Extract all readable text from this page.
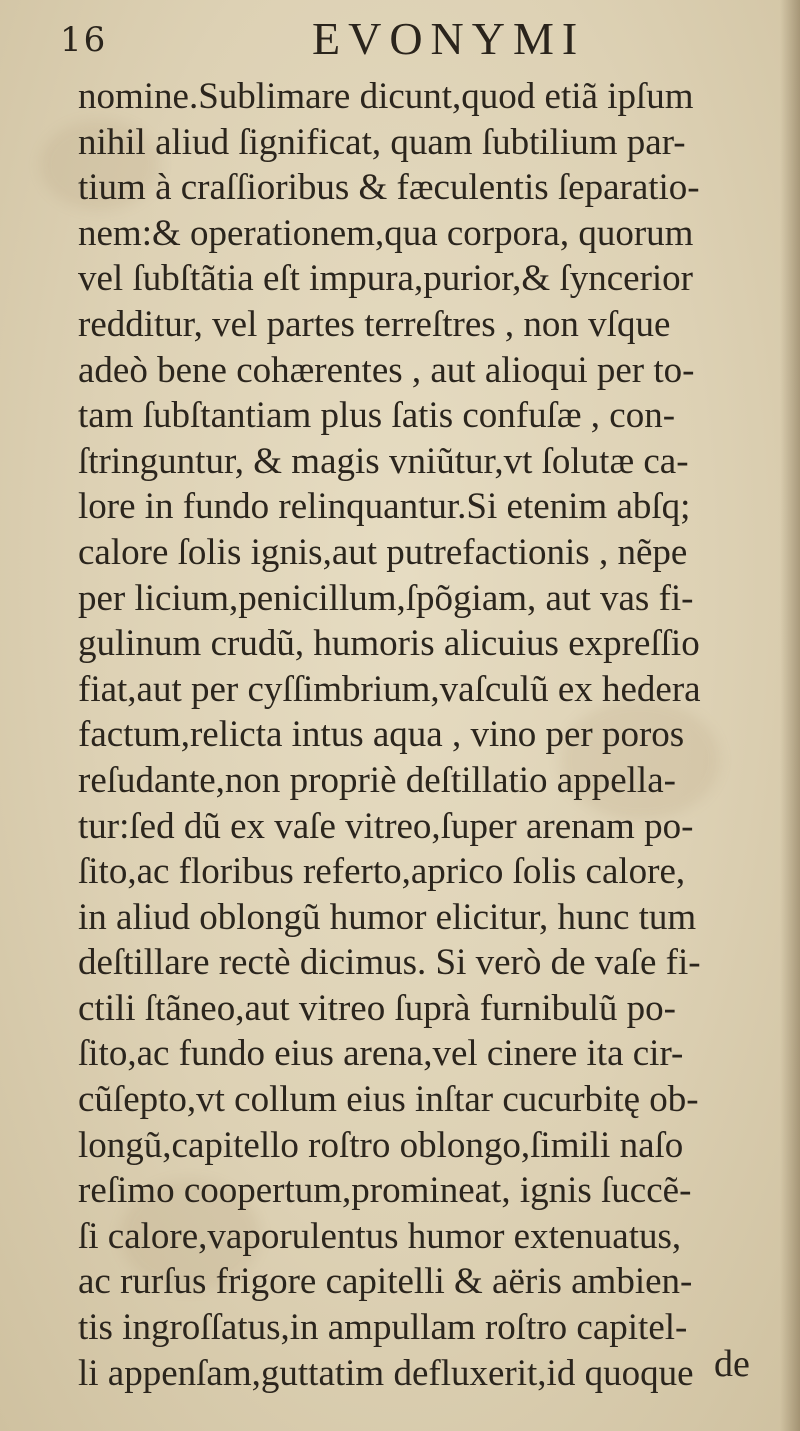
16	EVONYMI
nomine.Sublimare dicunt,quod etiã ipſum
nihil aliud ſignificat, quam ſubtilium par-
tium à craſſioribus & fæculentis ſeparatio-
nem:& operationem,qua corpora, quorum
vel ſubſtãtia eſt impura,purior,& ſyncerior
redditur, vel partes terreſtres , non vſque
adeò bene cohærentes , aut alioqui per to-
tam ſubſtantiam plus ſatis confuſæ , con-
ſtringuntur, & magis vniũtur,vt ſolutæ ca-
lore in fundo relinquantur.Si etenim abſq;
calore ſolis ignis,aut putrefactionis , nẽpe
per licium,penicillum,ſpõgiam, aut vas fi-
gulinum crudũ, humoris alicuius expreſſio
fiat,aut per cyſſimbrium,vaſculũ ex hedera
factum,relicta intus aqua , vino per poros
reſudante,non propriè deſtillatio appella-
tur:ſed dũ ex vaſe vitreo,ſuper arenam po-
ſito,ac floribus referto,aprico ſolis calore,
in aliud oblongũ humor elicitur, hunc tum
deſtillare rectè dicimus. Si verò de vaſe fi-
ctili ſtãneo,aut vitreo ſuprà furnibulũ po-
ſito,ac fundo eius arena,vel cinere ita cir-
cũſepto,vt collum eius inſtar cucurbitę ob-
longũ,capitello roſtro oblongo,ſimili naſo
reſimo coopertum,promineat, ignis ſuccẽ-
ſi calore,vaporulentus humor extenuatus,
ac rurſus frigore capitelli & aëris ambien-
tis ingroſſatus,in ampullam roſtro capitel-
li appenſam,guttatim defluxerit,id quoque de
